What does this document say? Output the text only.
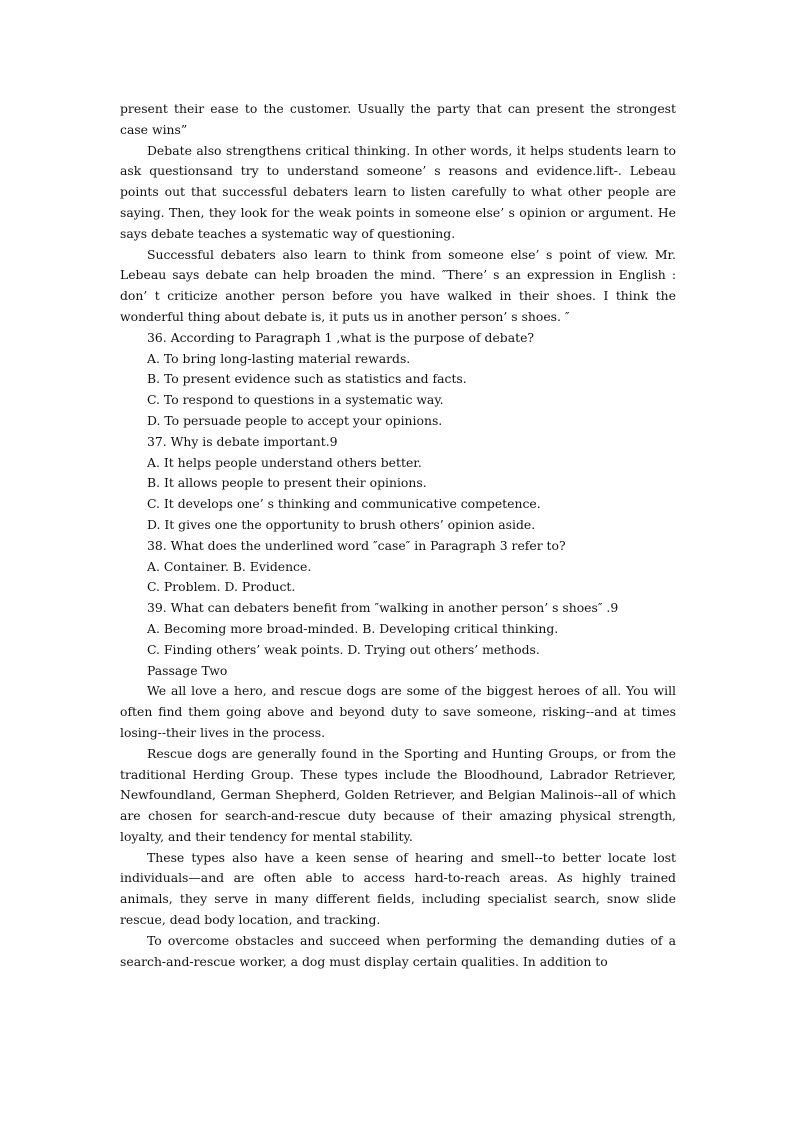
present their ease to the customer. Usually the party that can present the strongest case wins”

Debate also strengthens critical thinking. In other words, it helps students learn to ask questionsand try to understand someone’ s reasons and evidence.lift-. Lebeau points out that successful debaters learn to listen carefully to what other people are saying. Then, they look for the weak points in someone else’ s opinion or argument. He says debate teaches a systematic way of questioning.

Successful debaters also learn to think from someone else’ s point of view. Mr. Lebeau says debate can help broaden the mind. ″There’ s an expression in English : don’ t criticize another person before you have walked in their shoes. I think the wonderful thing about debate is, it puts us in another person’ s shoes. ″

36. According to Paragraph 1 ,what is the purpose of debate?

A. To bring long-lasting material rewards.

B. To present evidence such as statistics and facts.

C. To respond to questions in a systematic way.

D. To persuade people to accept your opinions.

37. Why is debate important.9

A. It helps people understand others better.

B. It allows people to present their opinions.

C. It develops one’ s thinking and communicative competence.

D. It gives one the opportunity to brush others’ opinion aside.

38. What does the underlined word ″case″ in Paragraph 3 refer to?

A. Container. B. Evidence.

C. Problem. D. Product.

39. What can debaters benefit from ″walking in another person’ s shoes″ .9

A. Becoming more broad-minded. B. Developing critical thinking.

C. Finding others’ weak points. D. Trying out others’ methods.

Passage Two

We all love a hero, and rescue dogs are some of the biggest heroes of all. You will often find them going above and beyond duty to save someone, risking--and at times losing--their lives in the process.

Rescue dogs are generally found in the Sporting and Hunting Groups, or from the traditional Herding Group. These types include the Bloodhound, Labrador Retriever, Newfoundland, German Shepherd, Golden Retriever, and Belgian Malinois--all of which are chosen for search-and-rescue duty because of their amazing physical strength, loyalty, and their tendency for mental stability.

These types also have a keen sense of hearing and smell--to better locate lost individuals—and are often able to access hard-to-reach areas. As highly trained animals, they serve in many different fields, including specialist search, snow slide rescue, dead body location, and tracking.

To overcome obstacles and succeed when performing the demanding duties of a search-and-rescue worker, a dog must display certain qualities. In addition to
